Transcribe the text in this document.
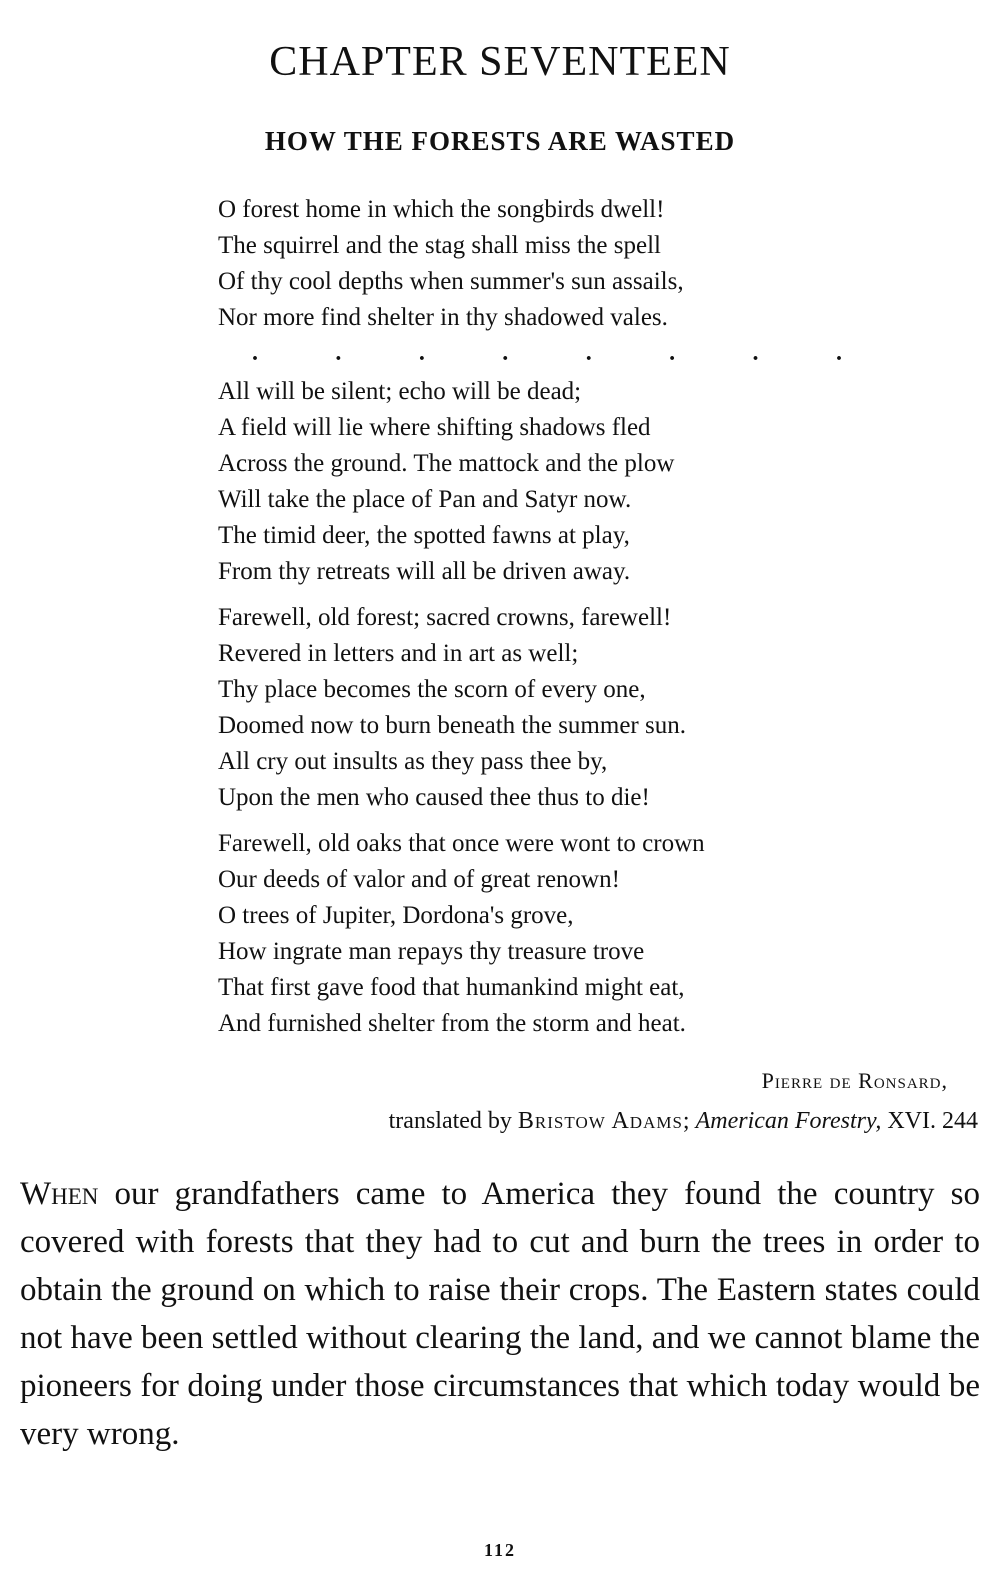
CHAPTER SEVENTEEN
HOW THE FORESTS ARE WASTED
O forest home in which the songbirds dwell!
The squirrel and the stag shall miss the spell
Of thy cool depths when summer's sun assails,
Nor more find shelter in thy shadowed vales.
.	.	.	.	.	.	.	.
All will be silent; echo will be dead;
A field will lie where shifting shadows fled
Across the ground. The mattock and the plow
Will take the place of Pan and Satyr now.
The timid deer, the spotted fawns at play,
From thy retreats will all be driven away.
Farewell, old forest; sacred crowns, farewell!
Revered in letters and in art as well;
Thy place becomes the scorn of every one,
Doomed now to burn beneath the summer sun.
All cry out insults as they pass thee by,
Upon the men who caused thee thus to die!
Farewell, old oaks that once were wont to crown
Our deeds of valor and of great renown!
O trees of Jupiter, Dordona's grove,
How ingrate man repays thy treasure trove
That first gave food that humankind might eat,
And furnished shelter from the storm and heat.
Pierre de Ronsard,
translated by Bristow Adams; American Forestry, XVI. 244
When our grandfathers came to America they found the country so covered with forests that they had to cut and burn the trees in order to obtain the ground on which to raise their crops. The Eastern states could not have been settled without clearing the land, and we cannot blame the pioneers for doing under those circumstances that which today would be very wrong.
112
